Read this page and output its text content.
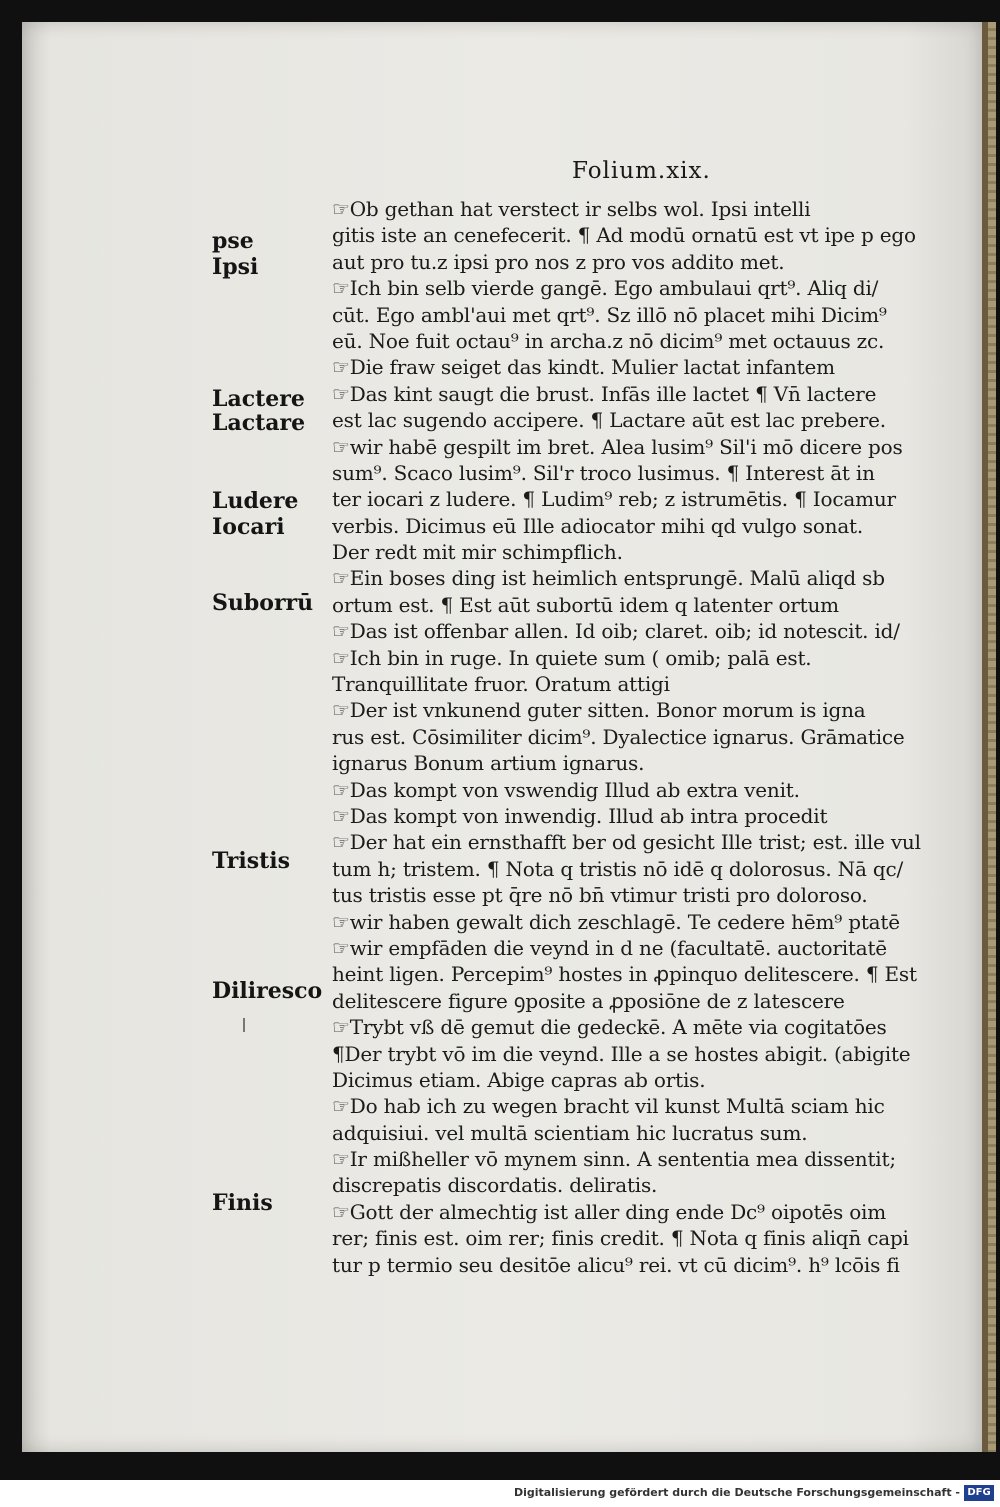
Folium.xix.
pse
Ipsi
Lactere
Lactare
Ludere
Iocari
Suborrū
Tristis
Diliresco
Finis
☞Ob gethan hat verstect ir selbs wol. Ipsi intelli
gitis iste an cenefecerit. ¶ Ad modū ornatū est vt ipe p ego
aut pro tu.z ipsi pro nos z pro vos addito met.
☞Ich bin selb vierde gangē. Ego ambulaui qrt⁹. Aliq di/
cūt. Ego ambl'aui met qrt⁹. Sz illō nō placet mihi Dicim⁹
eū. Noe fuit octau⁹ in archa.z nō dicim⁹ met octauus zc.
☞Die fraw seiget das kindt. Mulier lactat infantem
☞Das kint saugt die brust. Infās ille lactet ¶ Vn̄ lactere
est lac sugendo accipere. ¶ Lactare aūt est lac prebere.
☞wir habē gespilt im bret. Alea lusim⁹ Sil'i mō dicere pos
sum⁹. Scaco lusim⁹. Sil'r troco lusimus. ¶ Interest āt in
ter iocari z ludere. ¶ Ludim⁹ reb; z istrumētis. ¶ Iocamur
verbis. Dicimus eū Ille adiocator mihi qd vulgo sonat.
Der redt mit mir schimpflich.
☞Ein boses ding ist heimlich entsprungē. Malū aliqd sb
ortum est. ¶ Est aūt subortū idem q latenter ortum
☞Das ist offenbar allen. Id oib; claret. oib; id notescit. id/
☞Ich bin in ruge. In quiete sum ( omib; palā est.
Tranquillitate fruor. Oratum attigi
☞Der ist vnkunend guter sitten. Bonor morum is igna
rus est. Cōsimiliter dicim⁹. Dyalectice ignarus. Grāmatice
ignarus Bonum artium ignarus.
☞Das kompt von vswendig Illud ab extra venit.
☞Das kompt von inwendig. Illud ab intra procedit
☞Der hat ein ernsthafft ber od gesicht Ille trist; est. ille vul
tum h; tristem. ¶ Nota q tristis nō idē q dolorosus. Nā qc/
tus tristis esse pt q̄re nō bn̄ vtimur tristi pro doloroso.
☞wir haben gewalt dich zeschlagē. Te cedere hēm⁹ ptatē
☞wir empfāden die veynd in d ne (facultatē. auctoritatē
heint ligen. Percepim⁹ hostes in ꝓpinquo delitescere. ¶ Est
delitescere figure ꝯposite a ꝓposiōne de z latescere
☞Trybt vß dē gemut die gedeckē. A mēte via cogitatōes
¶Der trybt vō im die veynd. Ille a se hostes abigit. (abigite
Dicimus etiam. Abige capras ab ortis.
☞Do hab ich zu wegen bracht vil kunst Multā sciam hic
adquisiui. vel multā scientiam hic lucratus sum.
☞Ir mißheller vō mynem sinn. A sententia mea dissentit;
discrepatis discordatis. deliratis.
☞Gott der almechtig ist aller ding ende Dc⁹ oipotēs oim
rer; finis est. oim rer; finis credit. ¶ Nota q finis aliqn̄ capi
tur p termio seu desitōe alicu⁹ rei. vt cū dicim⁹. h⁹ lcōis fi
Digitalisierung gefördert durch die Deutsche Forschungsgemeinschaft - DFG
